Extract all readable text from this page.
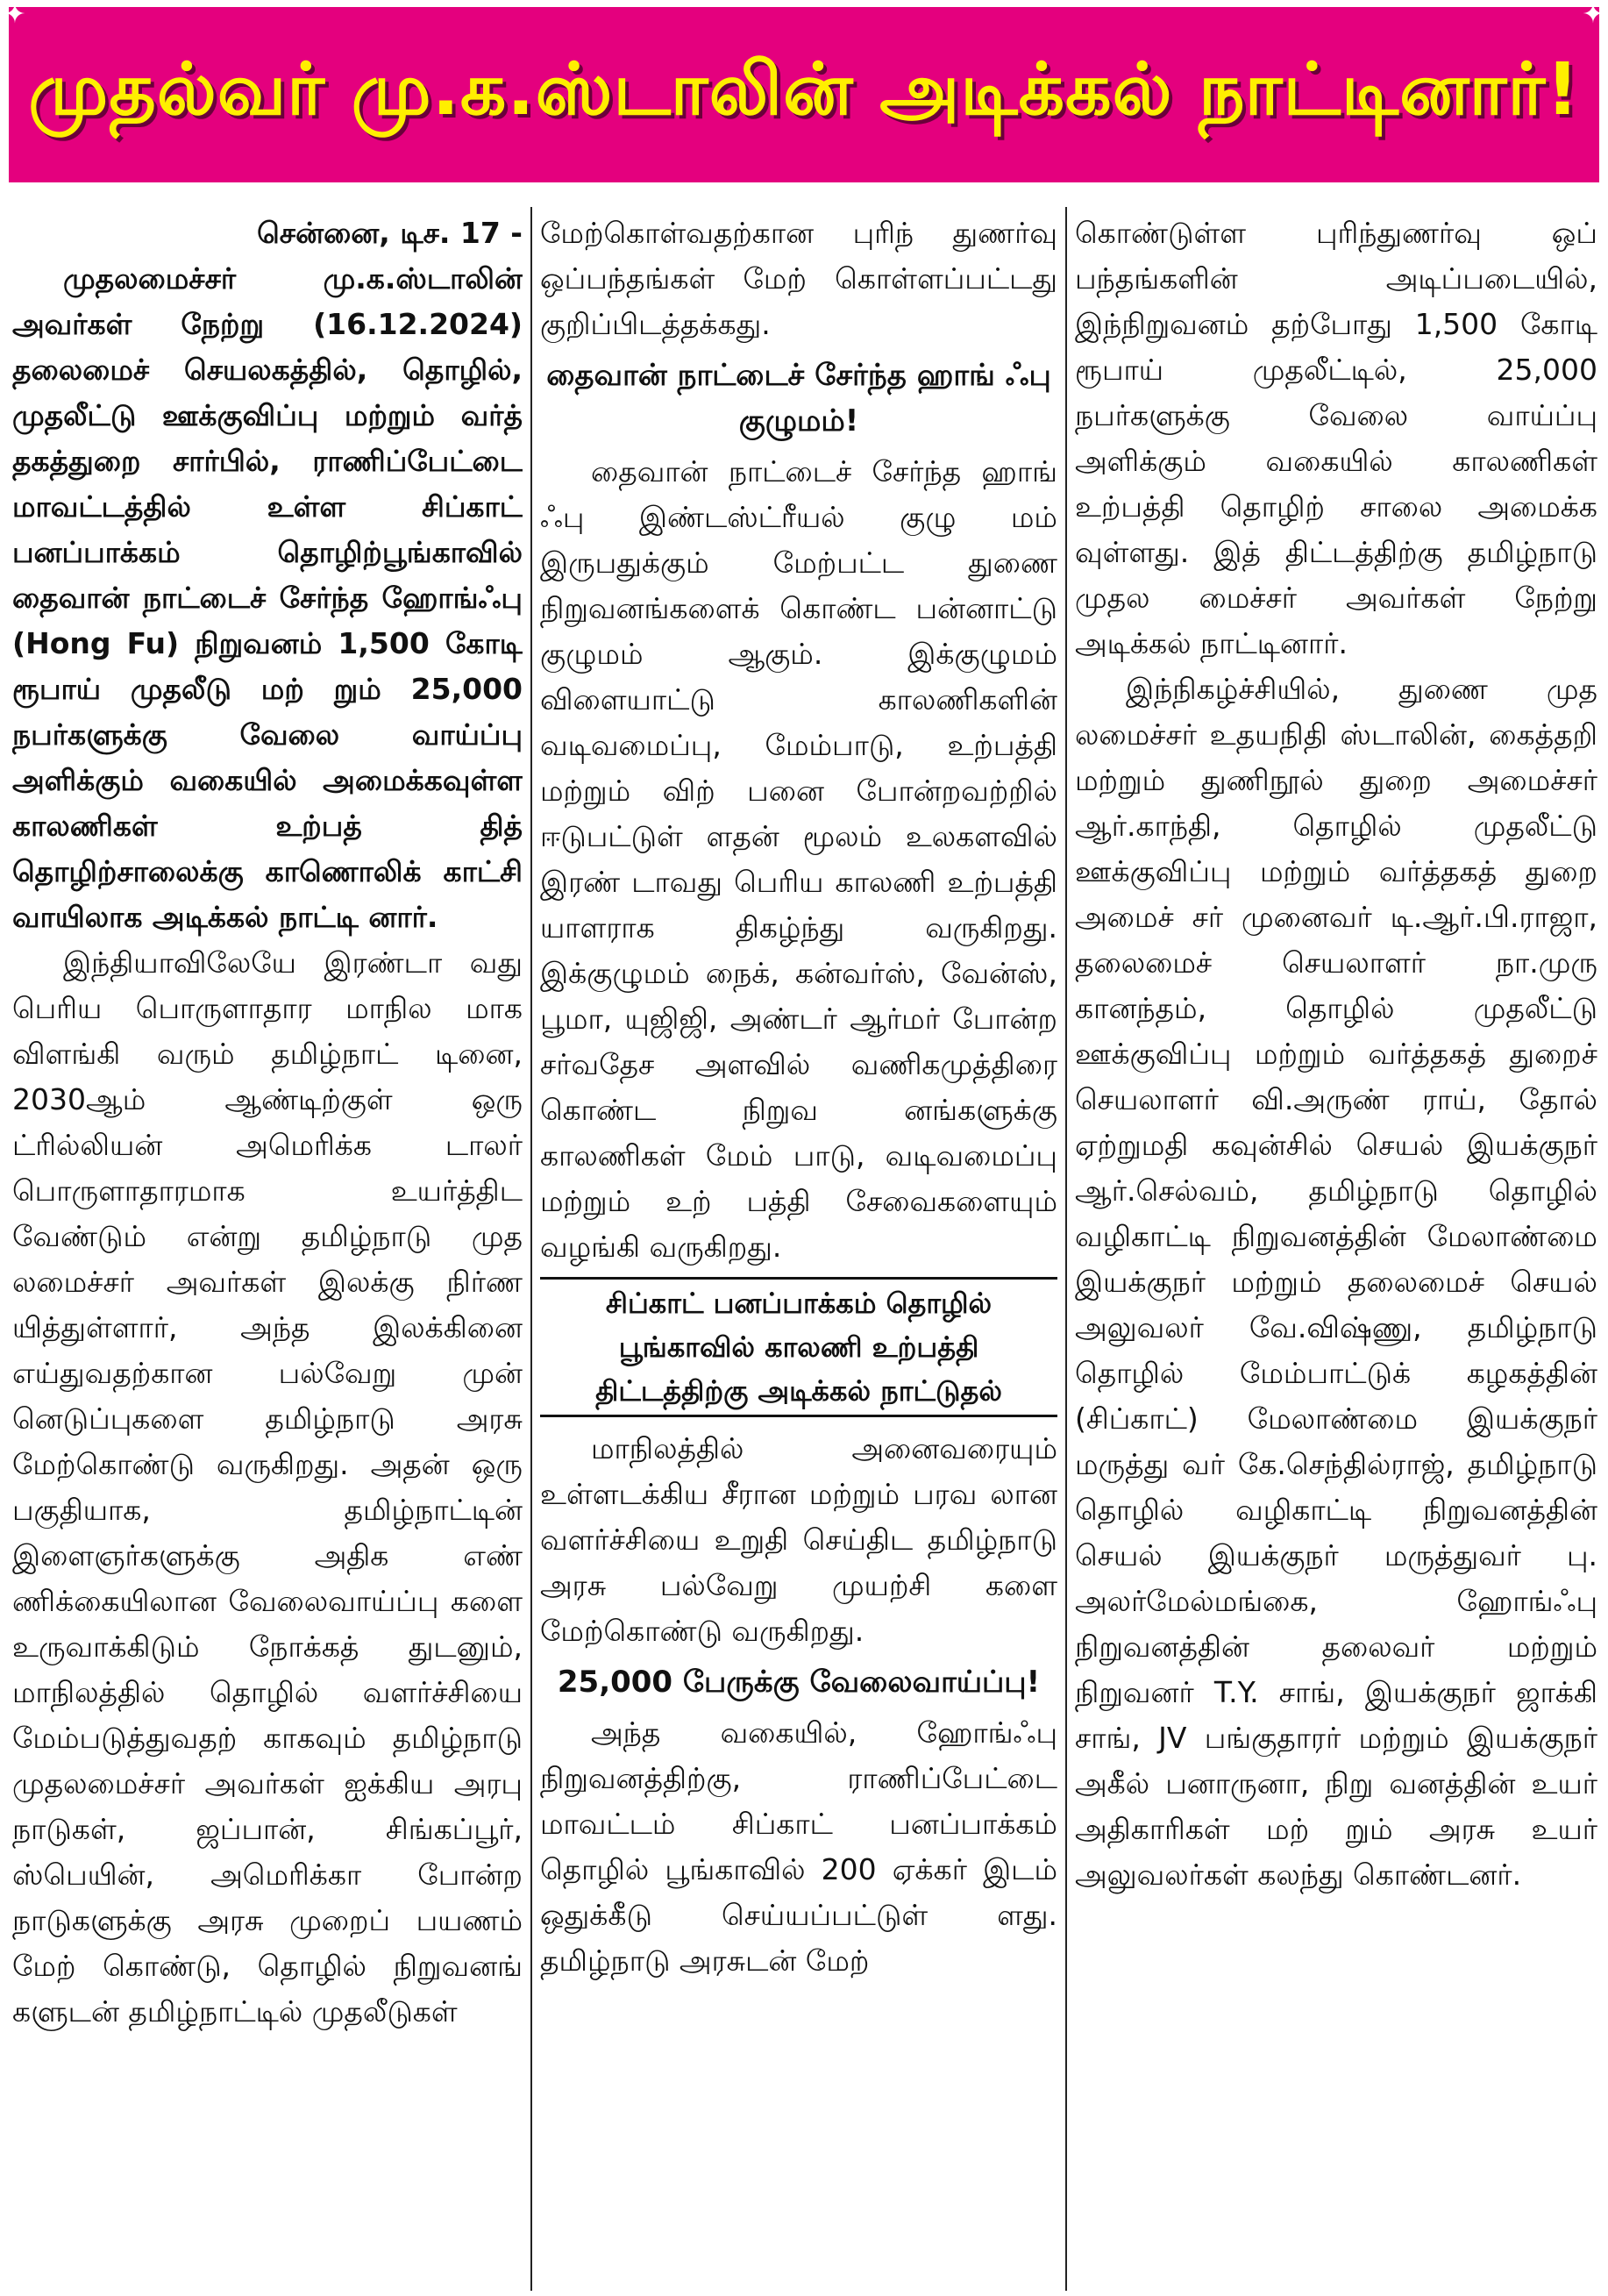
முதல்வர் மு.க.ஸ்டாலின் அடிக்கல் நாட்டினார்!
✦	✦

சென்னை, டிச. 17 -

முதலமைச்சர் மு.க.ஸ்டாலின் அவர்கள் நேற்று (16.12.2024) தலைமைச் செயலகத்தில், தொழில், முதலீட்டு ஊக்குவிப்பு மற்றும் வர்த் தகத்துறை சார்பில், ராணிப்பேட்டை மாவட்டத்தில் உள்ள சிப்காட் பனப்பாக்கம் தொழிற்பூங்காவில் தைவான் நாட்டைச் சேர்ந்த ஹோங்ஃபு (Hong Fu) நிறுவனம் 1,500 கோடி ரூபாய் முதலீடு மற் றும் 25,000 நபர்களுக்கு வேலை வாய்ப்பு அளிக்கும் வகையில் அமைக்கவுள்ள காலணிகள் உற்பத் தித் தொழிற்சாலைக்கு காணொலிக் காட்சி வாயிலாக அடிக்கல் நாட்டி னார்.

இந்தியாவிலேயே இரண்டா வது பெரிய பொருளாதார மாநில மாக விளங்கி வரும் தமிழ்நாட் டினை, 2030ஆம் ஆண்டிற்குள் ஒரு ட்ரில்லியன் அமெரிக்க டாலர் பொருளாதாரமாக உயர்த்திட வேண்டும் என்று தமிழ்நாடு முத லமைச்சர் அவர்கள் இலக்கு நிர்ண யித்துள்ளார், அந்த இலக்கினை எய்துவதற்கான பல்வேறு முன் னெடுப்புகளை தமிழ்நாடு அரசு மேற்கொண்டு வருகிறது. அதன் ஒரு பகுதியாக, தமிழ்நாட்டின் இளைஞர்களுக்கு அதிக எண் ணிக்கையிலான வேலைவாய்ப்பு களை உருவாக்கிடும் நோக்கத் துடனும், மாநிலத்தில் தொழில் வளர்ச்சியை மேம்படுத்துவதற் காகவும் தமிழ்நாடு முதலமைச்சர் அவர்கள் ஐக்கிய அரபு நாடுகள், ஜப்பான், சிங்கப்பூர், ஸ்பெயின், அமெரிக்கா போன்ற நாடுகளுக்கு அரசு முறைப் பயணம் மேற் கொண்டு, தொழில் நிறுவனங் களுடன் தமிழ்நாட்டில் முதலீடுகள்

மேற்கொள்வதற்கான புரிந் துணர்வு ஒப்பந்தங்கள் மேற் கொள்ளப்பட்டது குறிப்பிடத்தக்கது.

தைவான் நாட்டைச் சேர்ந்த ஹாங் ஃபு குழுமம்!

தைவான் நாட்டைச் சேர்ந்த ஹாங் ஃபு இண்டஸ்ட்ரீயல் குழு மம் இருபதுக்கும் மேற்பட்ட துணை நிறுவனங்களைக் கொண்ட பன்னாட்டு குழுமம் ஆகும். இக்குழுமம் விளையாட்டு காலணிகளின் வடிவமைப்பு, மேம்பாடு, உற்பத்தி மற்றும் விற் பனை போன்றவற்றில் ஈடுபட்டுள் ளதன் மூலம் உலகளவில் இரண் டாவது பெரிய காலணி உற்பத்தி யாளராக திகழ்ந்து வருகிறது. இக்குழுமம் நைக், கன்வர்ஸ், வேன்ஸ், பூமா, யுஜிஜி, அண்டர் ஆர்மர் போன்ற சர்வதேச அளவில் வணிகமுத்திரை கொண்ட நிறுவ னங்களுக்கு காலணிகள் மேம் பாடு, வடிவமைப்பு மற்றும் உற் பத்தி சேவைகளையும் வழங்கி வருகிறது.

சிப்காட் பனப்பாக்கம் தொழில் பூங்காவில் காலணி உற்பத்தி திட்டத்திற்கு அடிக்கல் நாட்டுதல்

மாநிலத்தில் அனைவரையும் உள்ளடக்கிய சீரான மற்றும் பரவ லான வளர்ச்சியை உறுதி செய்திட தமிழ்நாடு அரசு பல்வேறு முயற்சி களை மேற்கொண்டு வருகிறது.

25,000 பேருக்கு வேலைவாய்ப்பு!

அந்த வகையில், ஹோங்ஃபு நிறுவனத்திற்கு, ராணிப்பேட்டை மாவட்டம் சிப்காட் பனப்பாக்கம் தொழில் பூங்காவில் 200 ஏக்கர் இடம் ஒதுக்கீடு செய்யப்பட்டுள் ளது. தமிழ்நாடு அரசுடன் மேற்

கொண்டுள்ள புரிந்துணர்வு ஒப் பந்தங்களின் அடிப்படையில், இந்நிறுவனம் தற்போது 1,500 கோடி ரூபாய் முதலீட்டில், 25,000 நபர்களுக்கு வேலை வாய்ப்பு அளிக்கும் வகையில் காலணிகள் உற்பத்தி தொழிற் சாலை அமைக்க வுள்ளது. இத் திட்டத்திற்கு தமிழ்நாடு முதல மைச்சர் அவர்கள் நேற்று அடிக்கல் நாட்டினார்.

இந்நிகழ்ச்சியில், துணை முத லமைச்சர் உதயநிதி ஸ்டாலின், கைத்தறி மற்றும் துணிநூல் துறை அமைச்சர் ஆர்.காந்தி, தொழில் முதலீட்டு ஊக்குவிப்பு மற்றும் வர்த்தகத் துறை அமைச் சர் முனைவர் டி.ஆர்.பி.ராஜா, தலைமைச் செயலாளர் நா.முரு கானந்தம், தொழில் முதலீட்டு ஊக்குவிப்பு மற்றும் வர்த்தகத் துறைச் செயலாளர் வி.அருண் ராய், தோல் ஏற்றுமதி கவுன்சில் செயல் இயக்குநர் ஆர்.செல்வம், தமிழ்நாடு தொழில் வழிகாட்டி நிறுவனத்தின் மேலாண்மை இயக்குநர் மற்றும் தலைமைச் செயல் அலுவலர் வே.விஷ்ணு, தமிழ்நாடு தொழில் மேம்பாட்டுக் கழகத்தின் (சிப்காட்) மேலாண்மை இயக்குநர் மருத்து வர் கே.செந்தில்ராஜ், தமிழ்நாடு தொழில் வழிகாட்டி நிறுவனத்தின் செயல் இயக்குநர் மருத்துவர் பு. அலர்மேல்மங்கை, ஹோங்ஃபு நிறுவனத்தின் தலைவர் மற்றும் நிறுவனர் T.Y. சாங், இயக்குநர் ஜாக்கி சாங், JV பங்குதாரர் மற்றும் இயக்குநர் அகீல் பனாருனா, நிறு வனத்தின் உயர் அதிகாரிகள் மற் றும் அரசு உயர் அலுவலர்கள் கலந்து கொண்டனர்.
